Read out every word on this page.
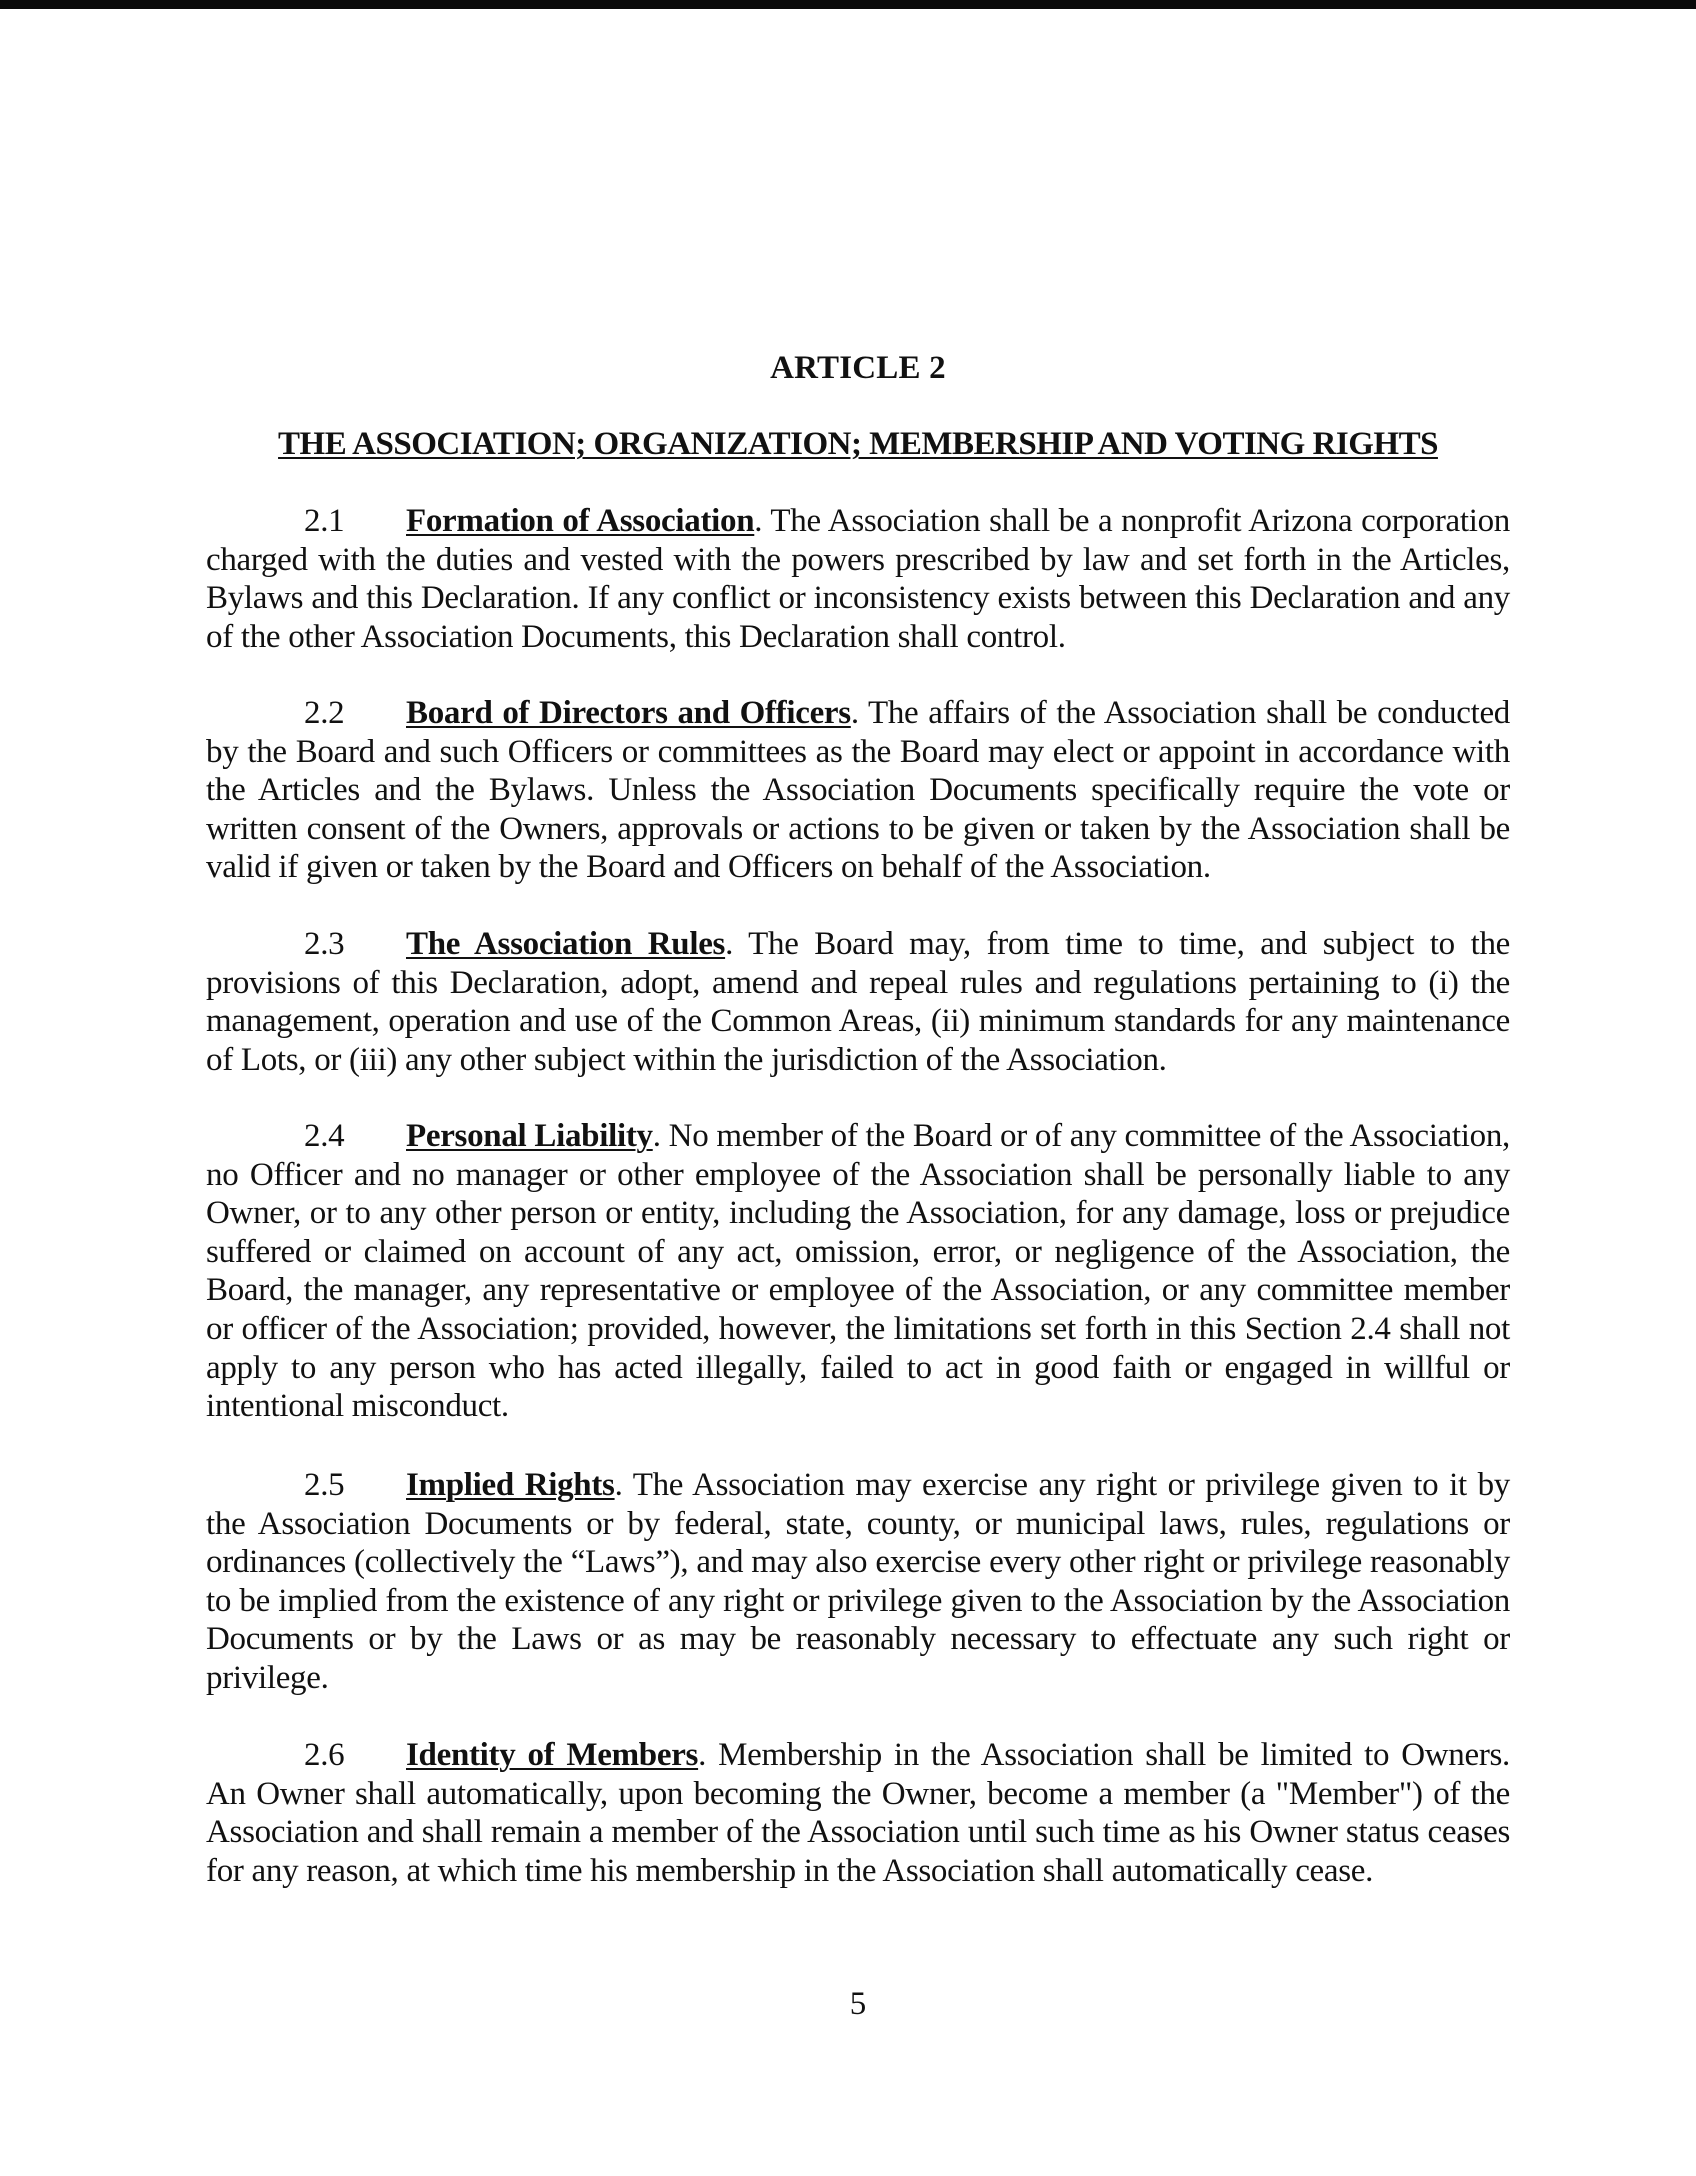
ARTICLE 2
THE ASSOCIATION; ORGANIZATION; MEMBERSHIP AND VOTING RIGHTS

2.1 Formation of Association. The Association shall be a nonprofit Arizona corporation charged with the duties and vested with the powers prescribed by law and set forth in the Articles, Bylaws and this Declaration. If any conflict or inconsistency exists between this Declaration and any of the other Association Documents, this Declaration shall control.

2.2 Board of Directors and Officers. The affairs of the Association shall be conducted by the Board and such Officers or committees as the Board may elect or appoint in accordance with the Articles and the Bylaws. Unless the Association Documents specifically require the vote or written consent of the Owners, approvals or actions to be given or taken by the Association shall be valid if given or taken by the Board and Officers on behalf of the Association.

2.3 The Association Rules. The Board may, from time to time, and subject to the provisions of this Declaration, adopt, amend and repeal rules and regulations pertaining to (i) the management, operation and use of the Common Areas, (ii) minimum standards for any maintenance of Lots, or (iii) any other subject within the jurisdiction of the Association.

2.4 Personal Liability. No member of the Board or of any committee of the Association, no Officer and no manager or other employee of the Association shall be personally liable to any Owner, or to any other person or entity, including the Association, for any damage, loss or prejudice suffered or claimed on account of any act, omission, error, or negligence of the Association, the Board, the manager, any representative or employee of the Association, or any committee member or officer of the Association; provided, however, the limitations set forth in this Section 2.4 shall not apply to any person who has acted illegally, failed to act in good faith or engaged in willful or intentional misconduct.

2.5 Implied Rights. The Association may exercise any right or privilege given to it by the Association Documents or by federal, state, county, or municipal laws, rules, regulations or ordinances (collectively the “Laws”), and may also exercise every other right or privilege reasonably to be implied from the existence of any right or privilege given to the Association by the Association Documents or by the Laws or as may be reasonably necessary to effectuate any such right or privilege.

2.6 Identity of Members. Membership in the Association shall be limited to Owners. An Owner shall automatically, upon becoming the Owner, become a member (a "Member") of the Association and shall remain a member of the Association until such time as his Owner status ceases for any reason, at which time his membership in the Association shall automatically cease.

5
